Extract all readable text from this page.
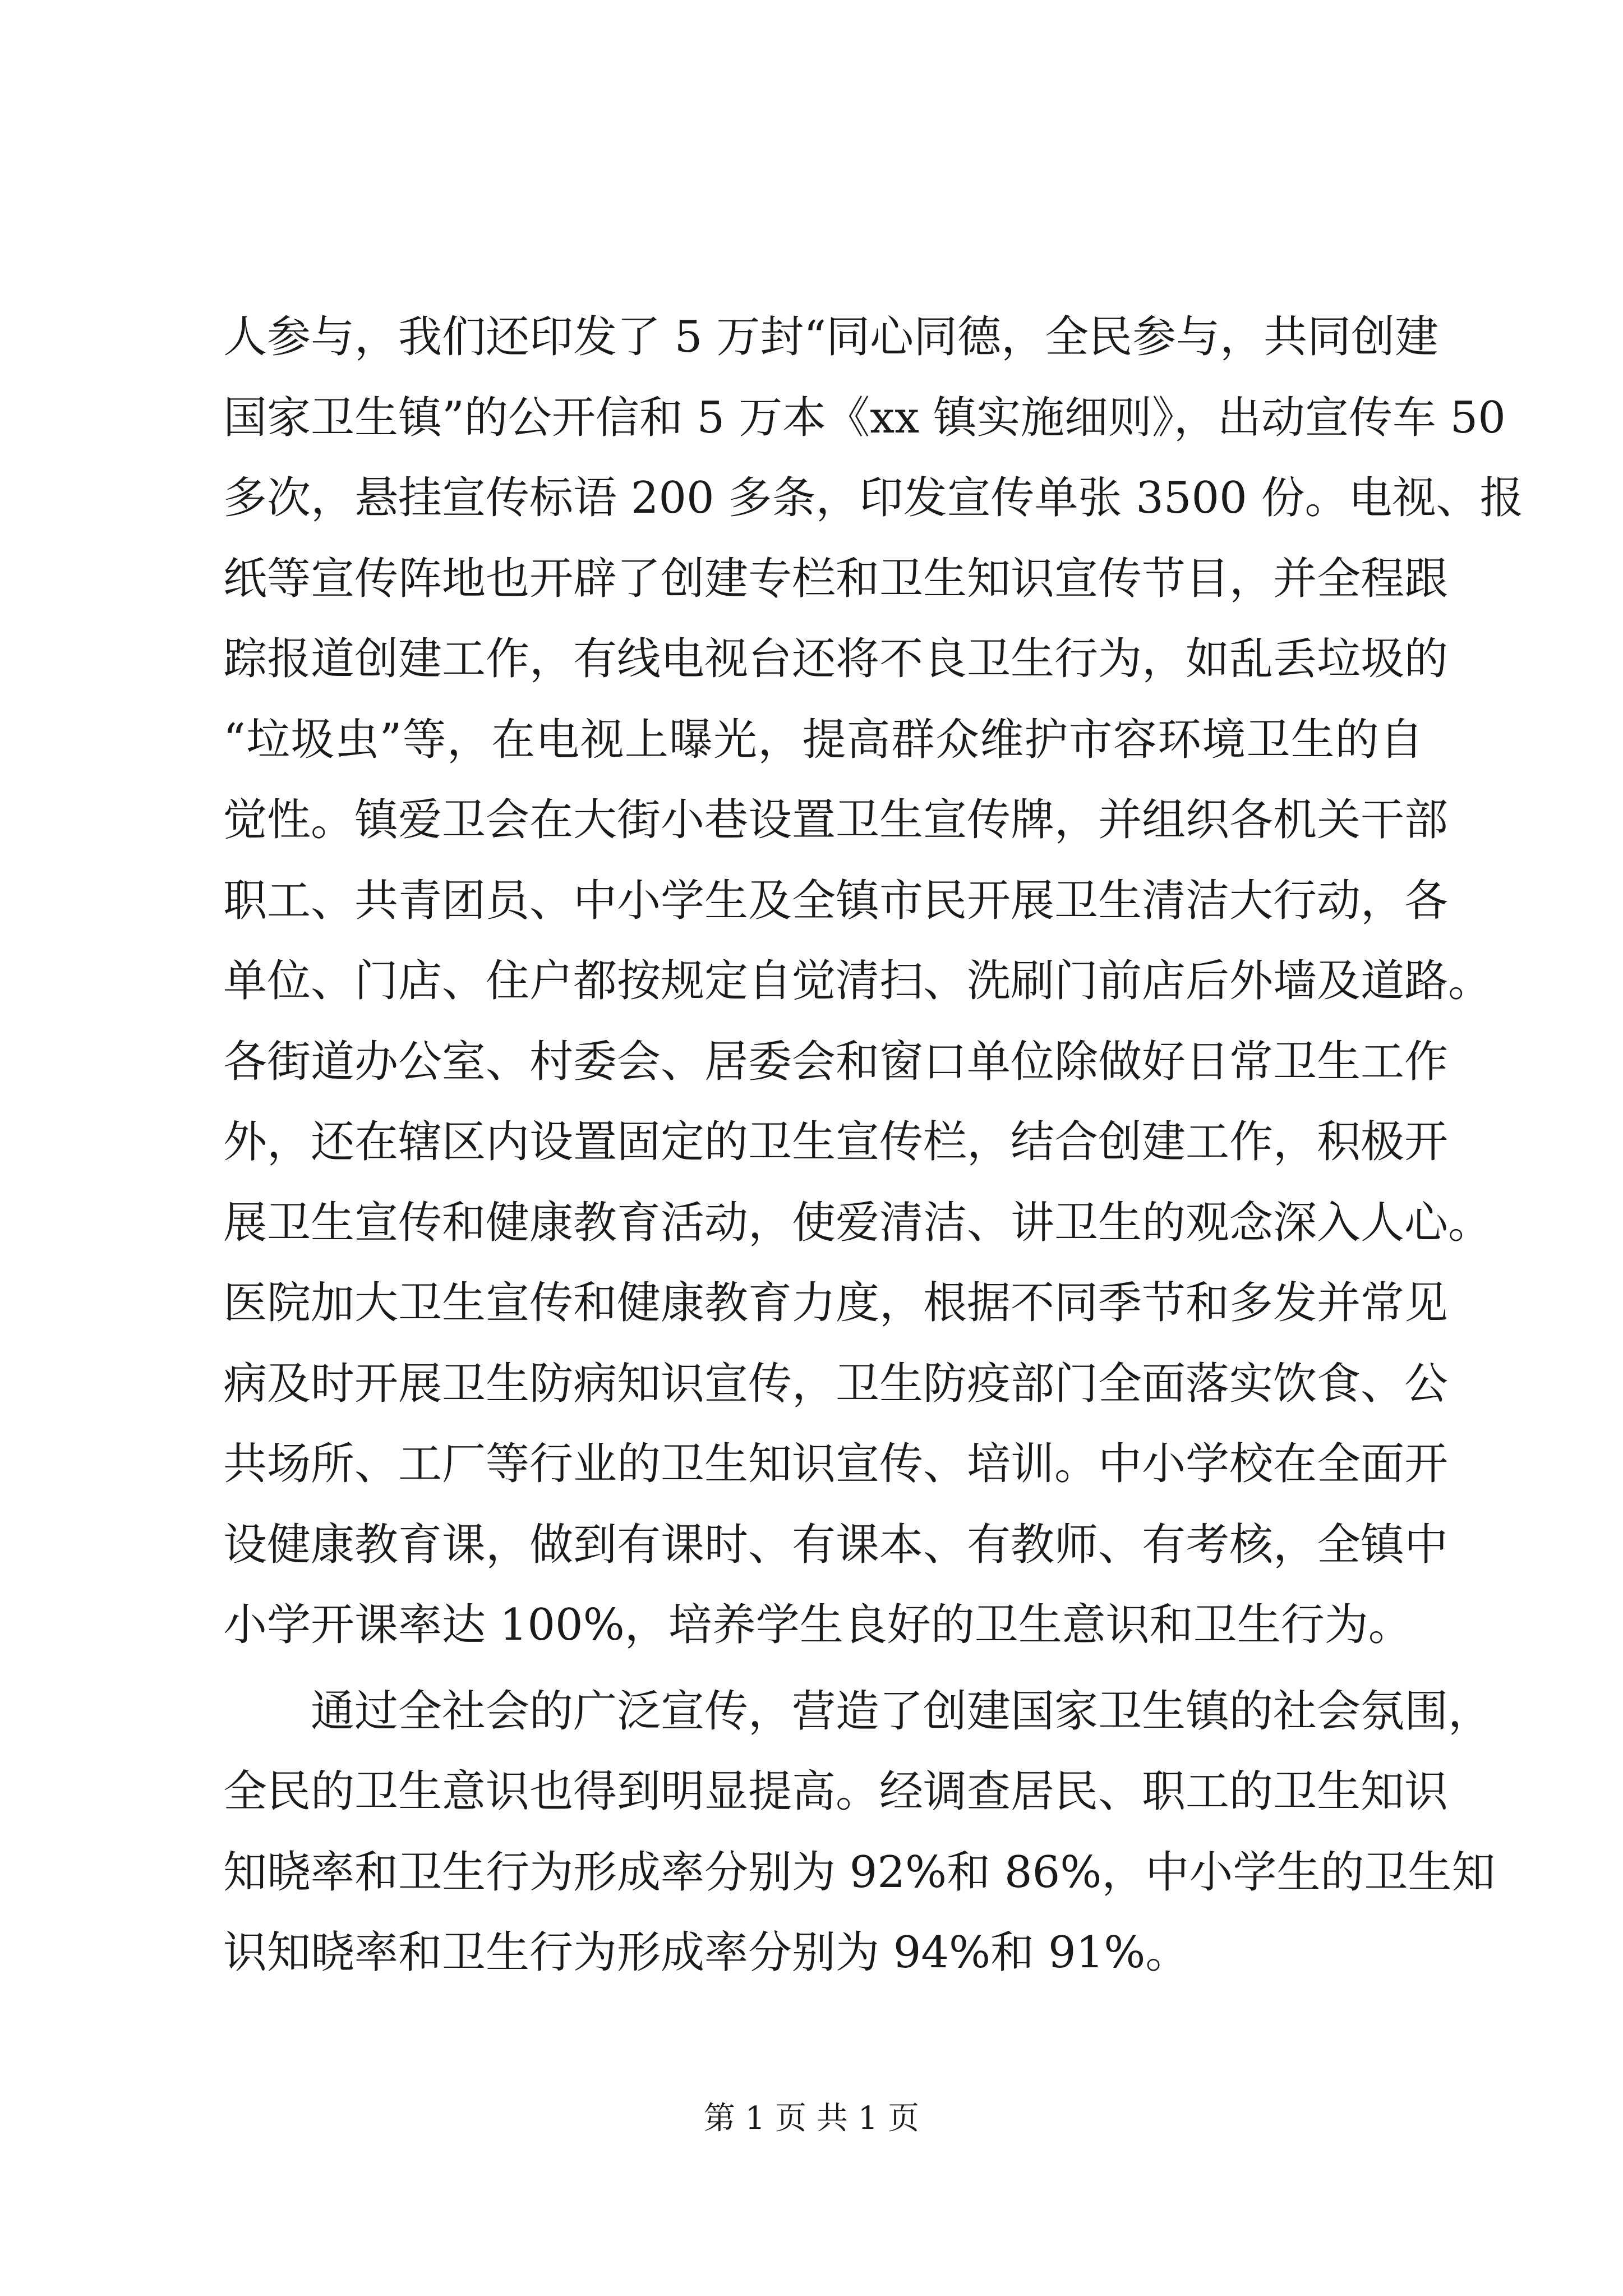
人参与，我们还印发了 5 万封“同心同德，全民参与，共同创建
国家卫生镇”的公开信和 5 万本《xx 镇实施细则》，出动宣传车 50
多次，悬挂宣传标语 200 多条，印发宣传单张 3500 份。电视、报
纸等宣传阵地也开辟了创建专栏和卫生知识宣传节目，并全程跟
踪报道创建工作，有线电视台还将不良卫生行为，如乱丢垃圾的
“垃圾虫”等，在电视上曝光，提高群众维护市容环境卫生的自
觉性。镇爱卫会在大街小巷设置卫生宣传牌，并组织各机关干部
职工、共青团员、中小学生及全镇市民开展卫生清洁大行动，各
单位、门店、住户都按规定自觉清扫、洗刷门前店后外墙及道路。
各街道办公室、村委会、居委会和窗口单位除做好日常卫生工作
外，还在辖区内设置固定的卫生宣传栏，结合创建工作，积极开
展卫生宣传和健康教育活动，使爱清洁、讲卫生的观念深入人心。
医院加大卫生宣传和健康教育力度，根据不同季节和多发并常见
病及时开展卫生防病知识宣传，卫生防疫部门全面落实饮食、公
共场所、工厂等行业的卫生知识宣传、培训。中小学校在全面开
设健康教育课，做到有课时、有课本、有教师、有考核，全镇中
小学开课率达 100%，培养学生良好的卫生意识和卫生行为。
通过全社会的广泛宣传，营造了创建国家卫生镇的社会氛围，
全民的卫生意识也得到明显提高。经调查居民、职工的卫生知识
知晓率和卫生行为形成率分别为 92%和 86%，中小学生的卫生知
识知晓率和卫生行为形成率分别为 94%和 91%。
第 1 页 共 1 页
